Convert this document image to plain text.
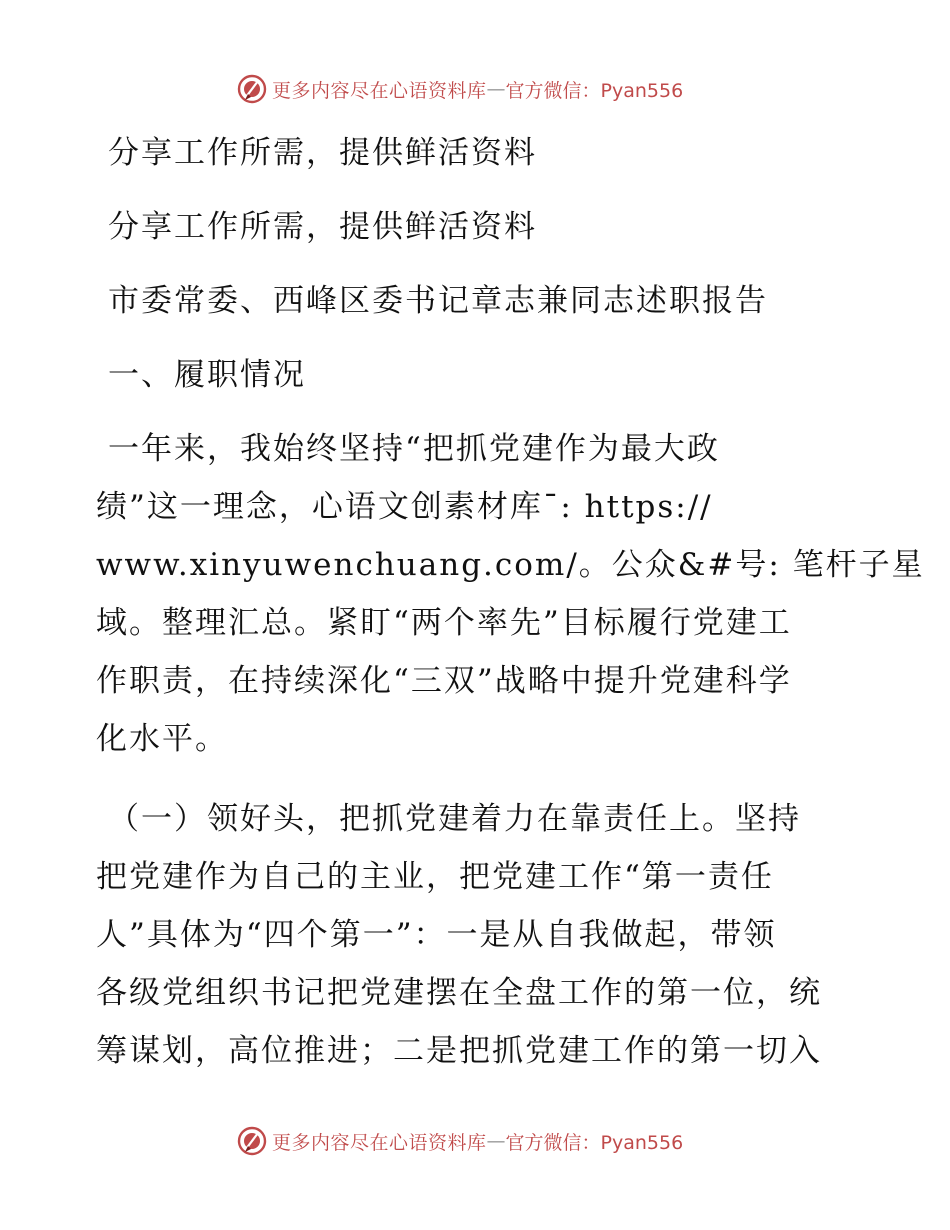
更多内容尽在心语资料库 — 官方微信：Pyan556
分享工作所需，提供鲜活资料
分享工作所需，提供鲜活资料
市委常委、西峰区委书记章志兼同志述职报告
一、履职情况
一年来，我始终坚持“把抓党建作为最大政
绩”这一理念，心语文创素材库¯: https://
www.xinyuwenchuang.com/。公众&#号: 笔杆子星
域。整理汇总。紧盯“两个率先”目标履行党建工
作职责，在持续深化“三双”战略中提升党建科学
化水平。
（一）领好头，把抓党建着力在靠责任上。坚持
把党建作为自己的主业，把党建工作“第一责任
人”具体为“四个第一”：一是从自我做起，带领
各级党组织书记把党建摆在全盘工作的第一位，统
筹谋划，高位推进；二是把抓党建工作的第一切入
更多内容尽在心语资料库 — 官方微信：Pyan556
